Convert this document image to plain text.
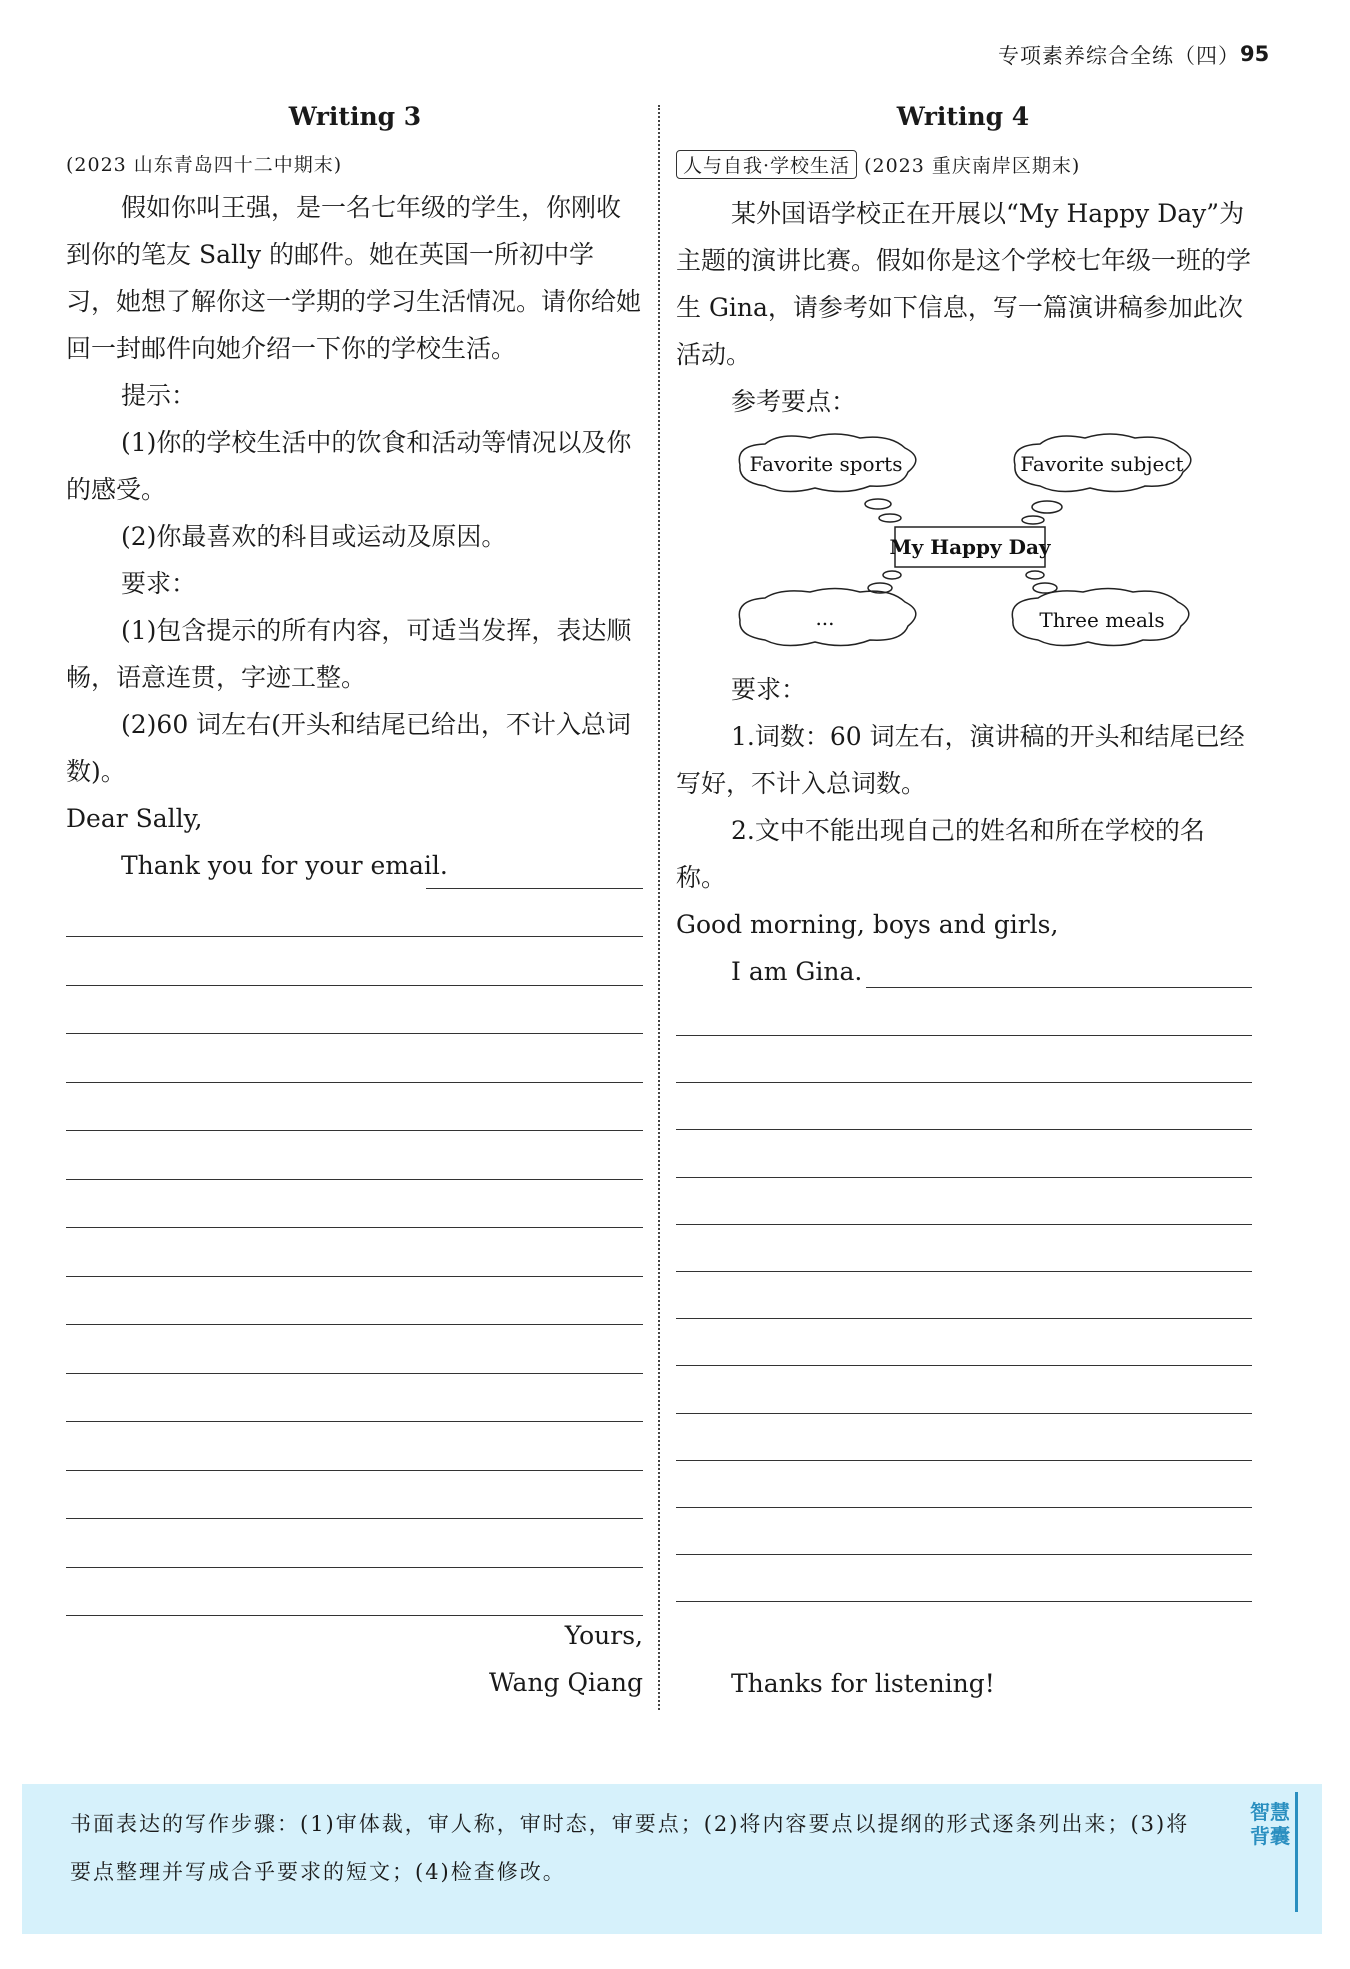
专项素养综合全练（四） 95
Writing 3
(2023 山东青岛四十二中期末)

假如你叫王强，是一名七年级的学生，你刚收到你的笔友 Sally 的邮件。她在英国一所初中学习，她想了解你这一学期的学习生活情况。请你给她回一封邮件向她介绍一下你的学校生活。

提示：

(1)你的学校生活中的饮食和活动等情况以及你的感受。

(2)你最喜欢的科目或运动及原因。

要求：

(1)包含提示的所有内容，可适当发挥，表达顺畅，语意连贯，字迹工整。

(2)60 词左右(开头和结尾已给出，不计入总词数)。

Dear Sally,

Thank you for your email.

Yours,
Wang Qiang
Writing 4
人与自我·学校生活 (2023 重庆南岸区期末)

某外国语学校正在开展以“My Happy Day”为主题的演讲比赛。假如你是这个学校七年级一班的学生 Gina，请参考如下信息，写一篇演讲稿参加此次活动。

参考要点：

Favorite sports	Favorite subject
My Happy Day
...	Three meals

要求：

1.词数：60 词左右，演讲稿的开头和结尾已经写好，不计入总词数。

2.文中不能出现自己的姓名和所在学校的名称。

Good morning, boys and girls,

I am Gina.

Thanks for listening!
书面表达的写作步骤：(1)审体裁，审人称，审时态，审要点；(2)将内容要点以提纲的形式逐条列出来；(3)将要点整理并写成合乎要求的短文；(4)检查修改。
智慧背囊
